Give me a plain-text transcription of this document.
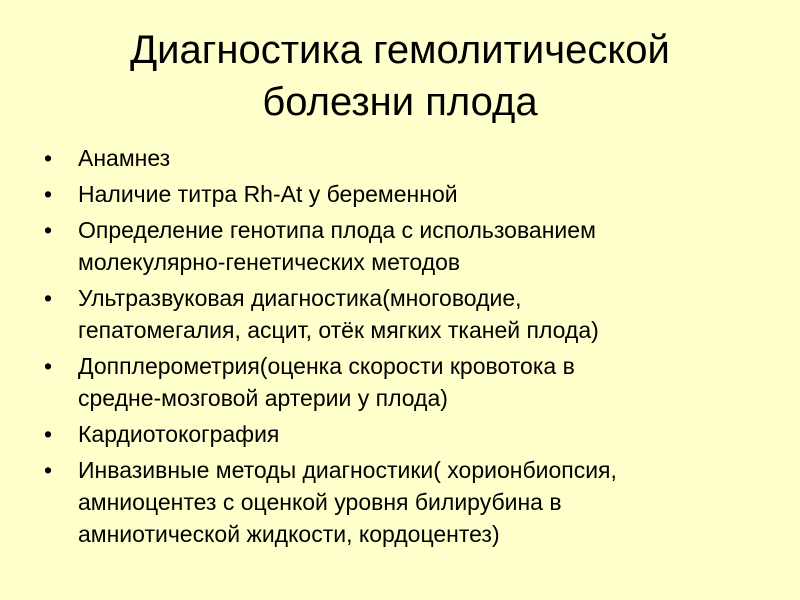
Диагностика гемолитической
болезни плода
•	Анамнез
•	Наличие титра Rh-At у беременной
•	Определение генотипа плода с использованием
молекулярно-генетических методов
•	Ультразвуковая диагностика(многоводие,
гепатомегалия, асцит, отёк мягких тканей плода)
•	Допплерометрия(оценка скорости кровотока в
средне-мозговой артерии у плода)
•	Кардиотокография
•	Инвазивные методы диагностики( хорионбиопсия,
амниоцентез с оценкой уровня билирубина в
амниотической жидкости, кордоцентез)
